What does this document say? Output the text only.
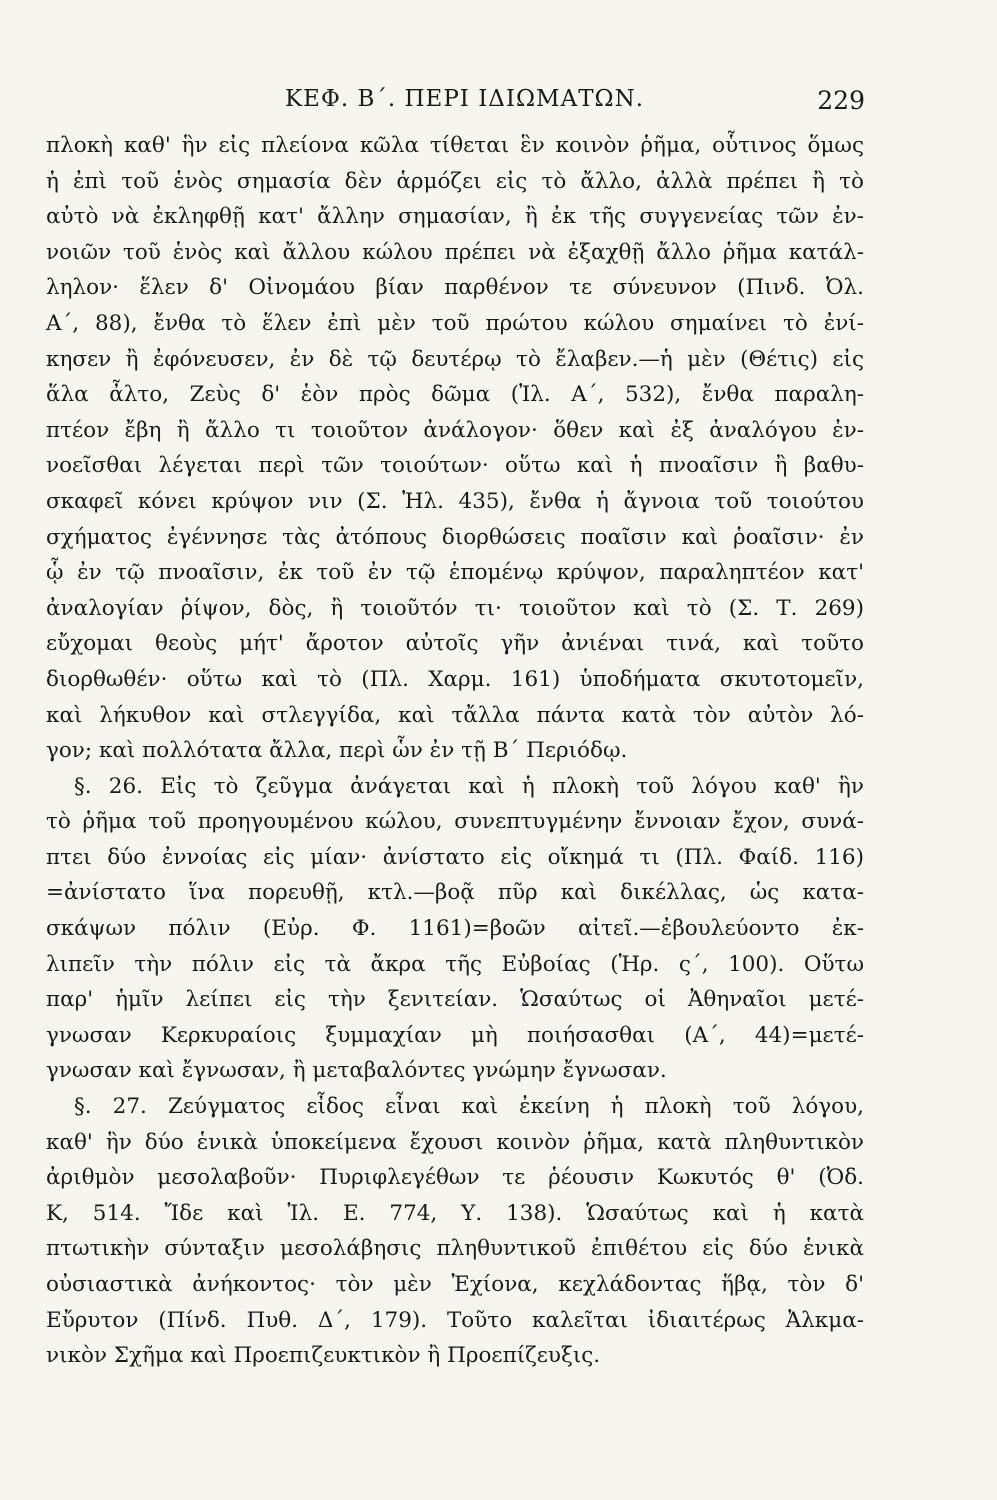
ΚΕΦ. Β΄. ΠΕΡΙ ΙΔΙΩΜΑΤΩΝ.	229
πλοκὴ καθ' ἣν εἰς πλείονα κῶλα τίθεται ἓν κοινὸν ῥῆμα, οὗτινος ὅμως
ἡ ἐπὶ τοῦ ἑνὸς σημασία δὲν ἁρμόζει εἰς τὸ ἄλλο, ἀλλὰ πρέπει ἢ τὸ
αὐτὸ νὰ ἐκληφθῇ κατ' ἄλλην σημασίαν, ἢ ἐκ τῆς συγγενείας τῶν ἐν-
νοιῶν τοῦ ἑνὸς καὶ ἄλλου κώλου πρέπει νὰ ἐξαχθῇ ἄλλο ῥῆμα κατάλ-
ληλον· ἕλεν δ' Οἰνομάου βίαν παρθένον τε σύνευνον (Πινδ. Ὀλ.
Α΄, 88), ἔνθα τὸ ἕλεν ἐπὶ μὲν τοῦ πρώτου κώλου σημαίνει τὸ ἐνί-
κησεν ἢ ἐφόνευσεν, ἐν δὲ τῷ δευτέρῳ τὸ ἔλαβεν.—ἡ μὲν (Θέτις) εἰς
ἅλα ἆλτο, Ζεὺς δ' ἑὸν πρὸς δῶμα (Ἰλ. Α΄, 532), ἔνθα παραλη-
πτέον ἔβη ἢ ἄλλο τι τοιοῦτον ἀνάλογον· ὅθεν καὶ ἐξ ἀναλόγου ἐν-
νοεῖσθαι λέγεται περὶ τῶν τοιούτων· οὕτω καὶ ἡ πνοαῖσιν ἢ βαθυ-
σκαφεῖ κόνει κρύψον νιν (Σ. Ἠλ. 435), ἔνθα ἡ ἄγνοια τοῦ τοιούτου
σχήματος ἐγέννησε τὰς ἀτόπους διορθώσεις ποαῖσιν καὶ ῥοαῖσιν· ἐν
ᾧ ἐν τῷ πνοαῖσιν, ἐκ τοῦ ἐν τῷ ἑπομένῳ κρύψον, παραληπτέον κατ'
ἀναλογίαν ῥίψον, δὸς, ἢ τοιοῦτόν τι· τοιοῦτον καὶ τὸ (Σ. Τ. 269)
εὔχομαι θεοὺς μήτ' ἄροτον αὐτοῖς γῆν ἀνιέναι τινά, καὶ τοῦτο
διορθωθέν· οὕτω καὶ τὸ (Πλ. Χαρμ. 161) ὑποδήματα σκυτοτομεῖν,
καὶ λήκυθον καὶ στλεγγίδα, καὶ τἄλλα πάντα κατὰ τὸν αὐτὸν λό-
γον; καὶ πολλότατα ἄλλα, περὶ ὧν ἐν τῇ Β΄ Περιόδῳ.
§. 26. Εἰς τὸ ζεῦγμα ἀνάγεται καὶ ἡ πλοκὴ τοῦ λόγου καθ' ἣν
τὸ ῥῆμα τοῦ προηγουμένου κώλου, συνεπτυγμένην ἔννοιαν ἔχον, συνά-
πτει δύο ἐννοίας εἰς μίαν· ἀνίστατο εἰς οἴκημά τι (Πλ. Φαίδ. 116)
=ἀνίστατο ἵνα πορευθῇ, κτλ.—βοᾷ πῦρ καὶ δικέλλας, ὡς κατα-
σκάψων πόλιν (Εὐρ. Φ. 1161)=βοῶν αἰτεῖ.—ἐβουλεύοντο ἐκ-
λιπεῖν τὴν πόλιν εἰς τὰ ἄκρα τῆς Εὐβοίας (Ἡρ. ς΄, 100). Οὕτω
παρ' ἡμῖν λείπει εἰς τὴν ξενιτείαν. Ὡσαύτως οἱ Ἀθηναῖοι μετέ-
γνωσαν Κερκυραίοις ξυμμαχίαν μὴ ποιήσασθαι (Α΄, 44)=μετέ-
γνωσαν καὶ ἔγνωσαν, ἢ μεταβαλόντες γνώμην ἔγνωσαν.
§. 27. Ζεύγματος εἶδος εἶναι καὶ ἐκείνη ἡ πλοκὴ τοῦ λόγου,
καθ' ἣν δύο ἑνικὰ ὑποκείμενα ἔχουσι κοινὸν ῥῆμα, κατὰ πληθυντικὸν
ἀριθμὸν μεσολαβοῦν· Πυριφλεγέθων τε ῥέουσιν Κωκυτός θ' (Ὀδ.
Κ, 514. Ἴδε καὶ Ἰλ. Ε. 774, Υ. 138). Ὡσαύτως καὶ ἡ κατὰ
πτωτικὴν σύνταξιν μεσολάβησις πληθυντικοῦ ἐπιθέτου εἰς δύο ἑνικὰ
οὐσιαστικὰ ἀνήκοντος· τὸν μὲν Ἐχίονα, κεχλάδοντας ἥβᾳ, τὸν δ'
Εὔρυτον (Πίνδ. Πυθ. Δ΄, 179). Τοῦτο καλεῖται ἰδιαιτέρως Ἀλκμα-
νικὸν Σχῆμα καὶ Προεπιζευκτικὸν ἢ Προεπίζευξις.
